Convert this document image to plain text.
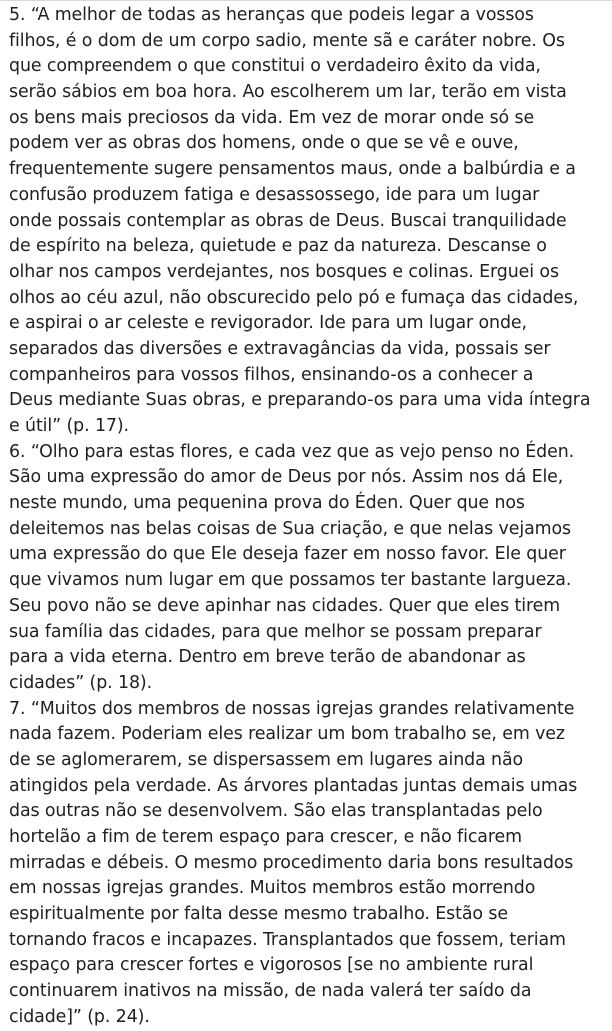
5. “A melhor de todas as heranças que podeis legar a vossos
filhos, é o dom de um corpo sadio, mente sã e caráter nobre. Os
que compreendem o que constitui o verdadeiro êxito da vida,
serão sábios em boa hora. Ao escolherem um lar, terão em vista
os bens mais preciosos da vida. Em vez de morar onde só se
podem ver as obras dos homens, onde o que se vê e ouve,
frequentemente sugere pensamentos maus, onde a balbúrdia e a
confusão produzem fatiga e desassossego, ide para um lugar
onde possais contemplar as obras de Deus. Buscai tranquilidade
de espírito na beleza, quietude e paz da natureza. Descanse o
olhar nos campos verdejantes, nos bosques e colinas. Erguei os
olhos ao céu azul, não obscurecido pelo pó e fumaça das cidades,
e aspirai o ar celeste e revigorador. Ide para um lugar onde,
separados das diversões e extravagâncias da vida, possais ser
companheiros para vossos filhos, ensinando-os a conhecer a
Deus mediante Suas obras, e preparando-os para uma vida íntegra
e útil” (p. 17).
6. “Olho para estas flores, e cada vez que as vejo penso no Éden.
São uma expressão do amor de Deus por nós. Assim nos dá Ele,
neste mundo, uma pequenina prova do Éden. Quer que nos
deleitemos nas belas coisas de Sua criação, e que nelas vejamos
uma expressão do que Ele deseja fazer em nosso favor. Ele quer
que vivamos num lugar em que possamos ter bastante largueza.
Seu povo não se deve apinhar nas cidades. Quer que eles tirem
sua família das cidades, para que melhor se possam preparar
para a vida eterna. Dentro em breve terão de abandonar as
cidades” (p. 18).
7. “Muitos dos membros de nossas igrejas grandes relativamente
nada fazem. Poderiam eles realizar um bom trabalho se, em vez
de se aglomerarem, se dispersassem em lugares ainda não
atingidos pela verdade. As árvores plantadas juntas demais umas
das outras não se desenvolvem. São elas transplantadas pelo
hortelão a fim de terem espaço para crescer, e não ficarem
mirradas e débeis. O mesmo procedimento daria bons resultados
em nossas igrejas grandes. Muitos membros estão morrendo
espiritualmente por falta desse mesmo trabalho. Estão se
tornando fracos e incapazes. Transplantados que fossem, teriam
espaço para crescer fortes e vigorosos [se no ambiente rural
continuarem inativos na missão, de nada valerá ter saído da
cidade]” (p. 24).
